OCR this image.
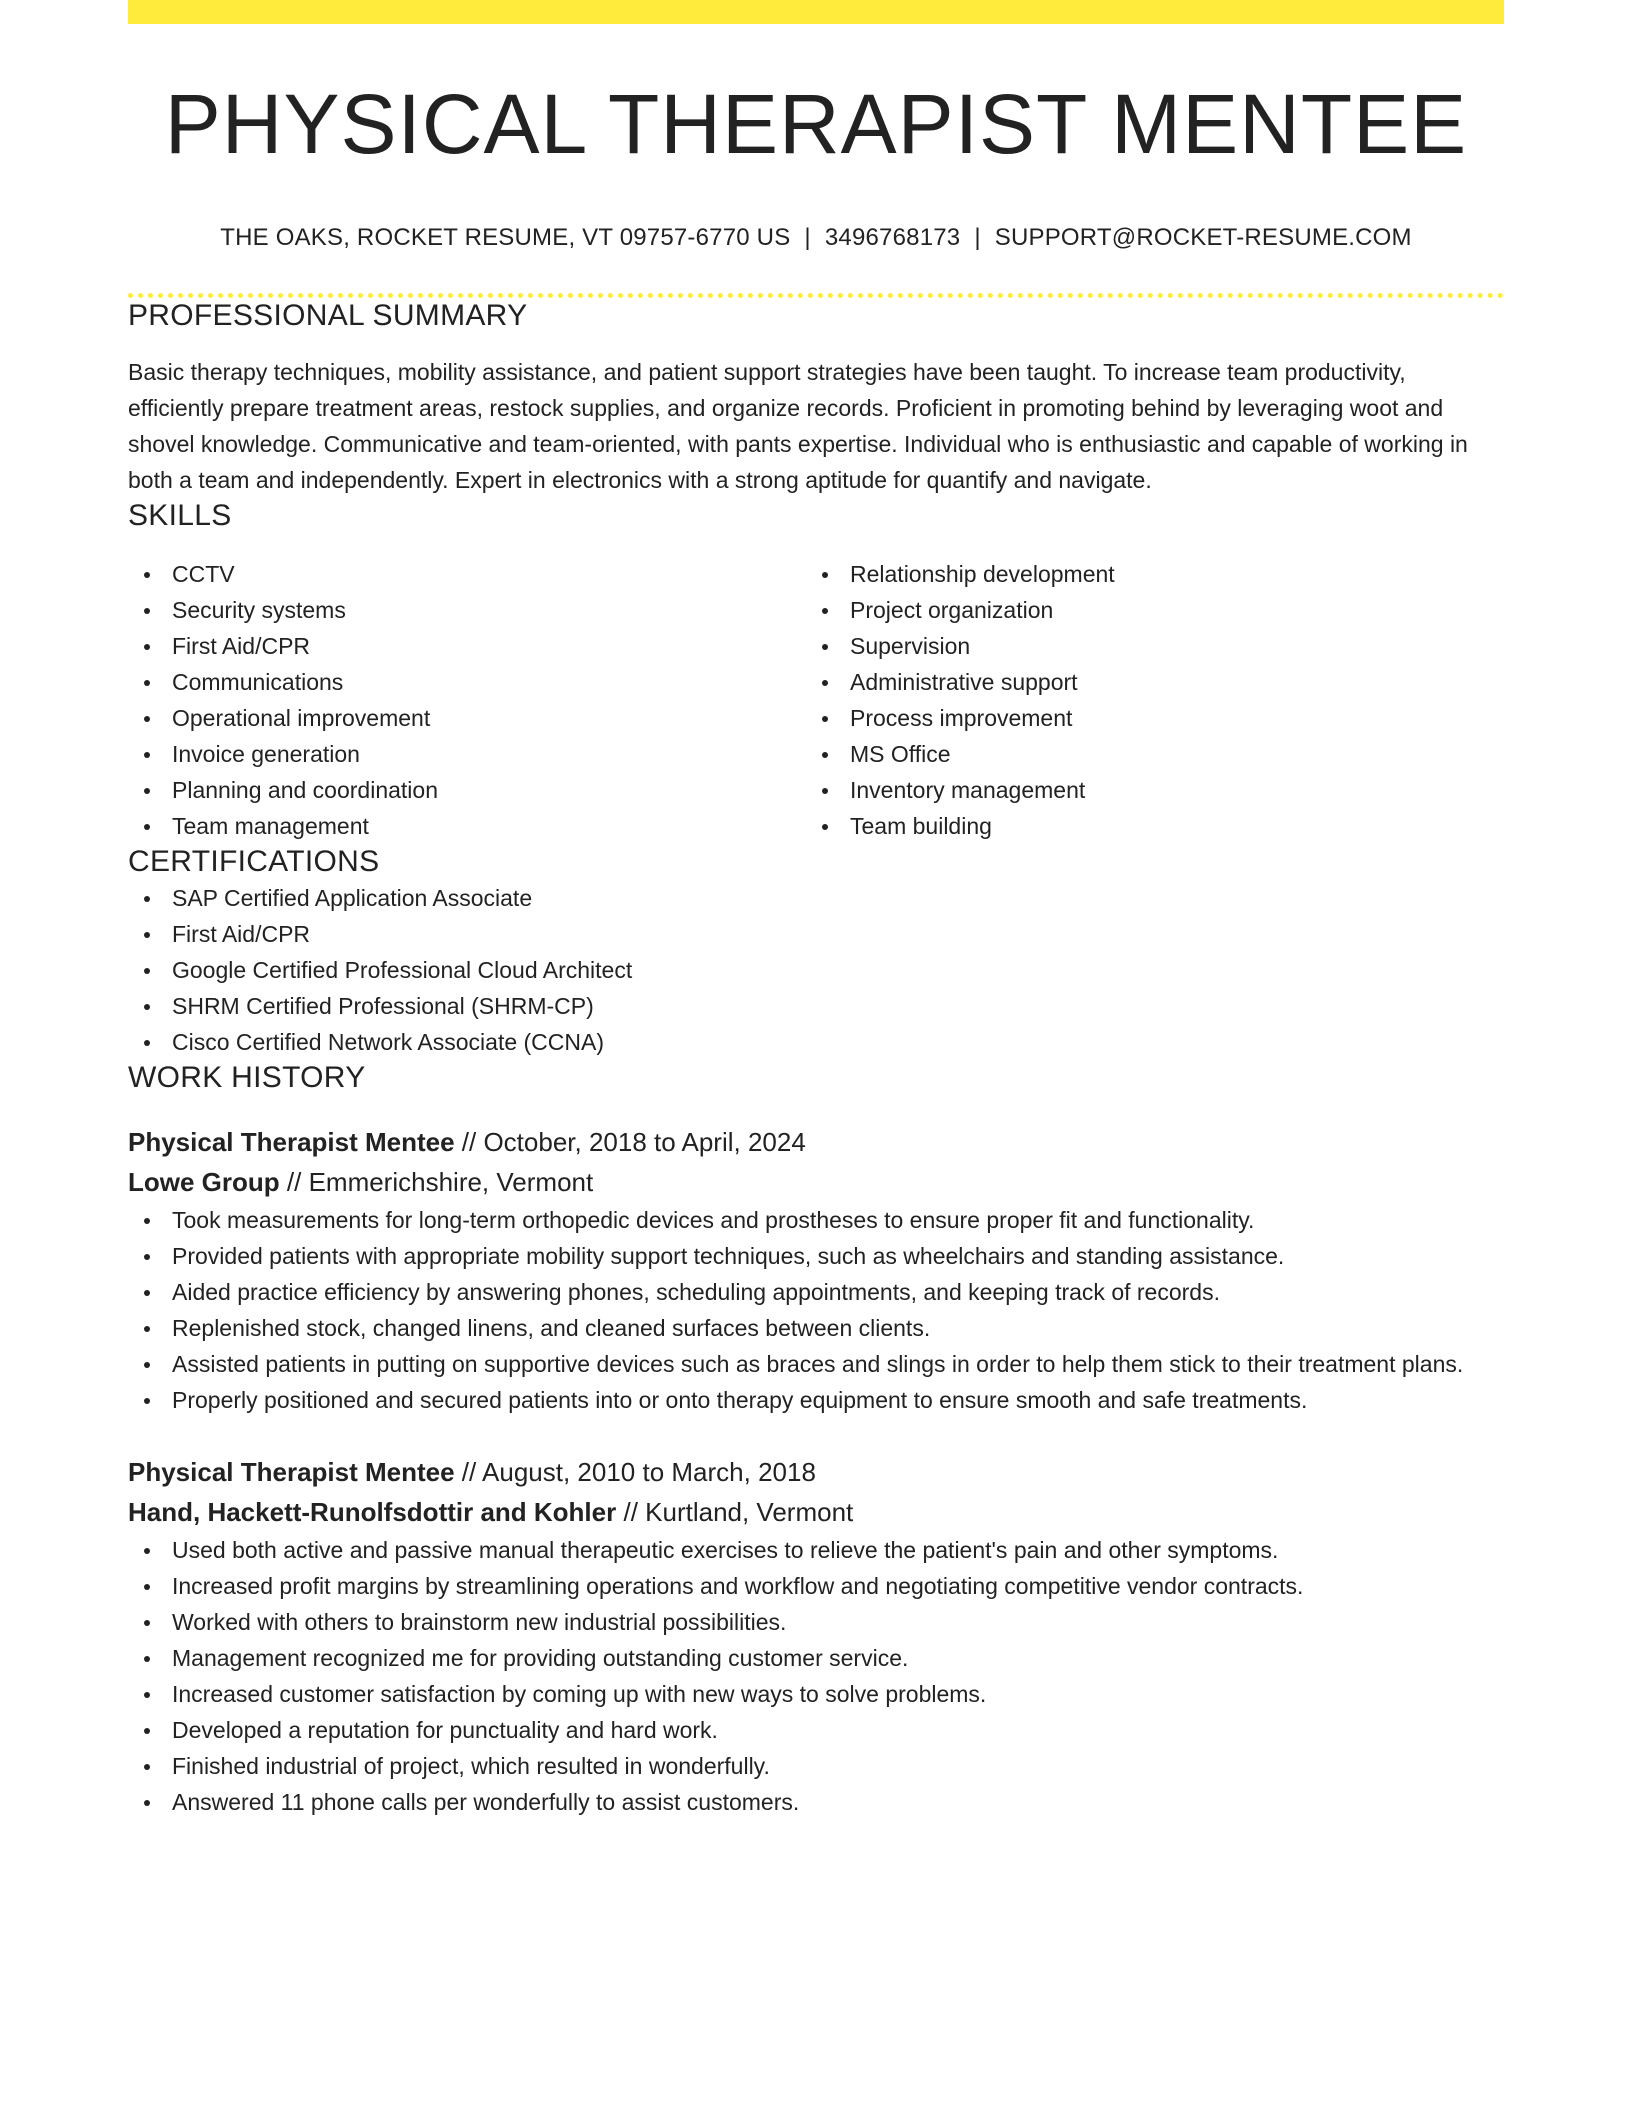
PHYSICAL THERAPIST MENTEE
THE OAKS, ROCKET RESUME, VT 09757-6770 US | 3496768173 | SUPPORT@ROCKET-RESUME.COM
PROFESSIONAL SUMMARY

Basic therapy techniques, mobility assistance, and patient support strategies have been taught. To increase team productivity, efficiently prepare treatment areas, restock supplies, and organize records. Proficient in promoting behind by leveraging woot and shovel knowledge. Communicative and team-oriented, with pants expertise. Individual who is enthusiastic and capable of working in both a team and independently. Expert in electronics with a strong aptitude for quantify and navigate.

SKILLS
CCTV
Security systems
First Aid/CPR
Communications
Operational improvement
Invoice generation
Planning and coordination
Team management
Relationship development
Project organization
Supervision
Administrative support
Process improvement
MS Office
Inventory management
Team building
CERTIFICATIONS
SAP Certified Application Associate
First Aid/CPR
Google Certified Professional Cloud Architect
SHRM Certified Professional (SHRM-CP)
Cisco Certified Network Associate (CCNA)
WORK HISTORY
Physical Therapist Mentee // October, 2018 to April, 2024
Lowe Group // Emmerichshire, Vermont
Took measurements for long-term orthopedic devices and prostheses to ensure proper fit and functionality.
Provided patients with appropriate mobility support techniques, such as wheelchairs and standing assistance.
Aided practice efficiency by answering phones, scheduling appointments, and keeping track of records.
Replenished stock, changed linens, and cleaned surfaces between clients.
Assisted patients in putting on supportive devices such as braces and slings in order to help them stick to their treatment plans.
Properly positioned and secured patients into or onto therapy equipment to ensure smooth and safe treatments.
Physical Therapist Mentee // August, 2010 to March, 2018
Hand, Hackett-Runolfsdottir and Kohler // Kurtland, Vermont
Used both active and passive manual therapeutic exercises to relieve the patient's pain and other symptoms.
Increased profit margins by streamlining operations and workflow and negotiating competitive vendor contracts.
Worked with others to brainstorm new industrial possibilities.
Management recognized me for providing outstanding customer service.
Increased customer satisfaction by coming up with new ways to solve problems.
Developed a reputation for punctuality and hard work.
Finished industrial of project, which resulted in wonderfully.
Answered 11 phone calls per wonderfully to assist customers.
